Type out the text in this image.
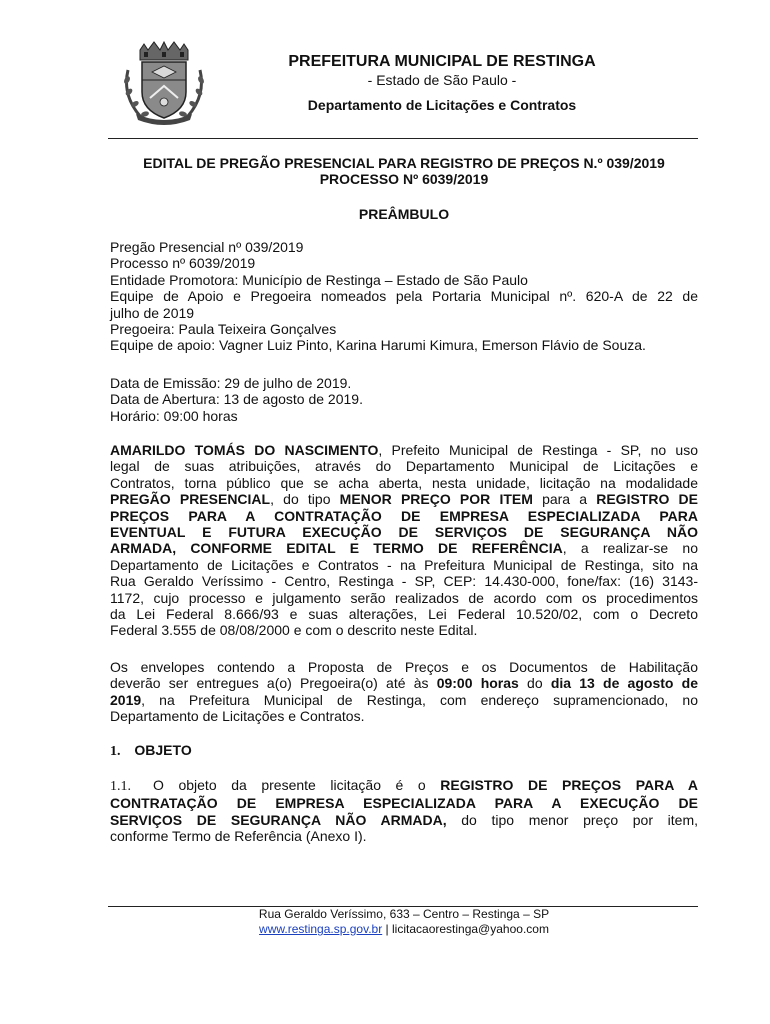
PREFEITURA MUNICIPAL DE RESTINGA
- Estado de São Paulo -
Departamento de Licitações e Contratos
EDITAL DE PREGÃO PRESENCIAL PARA REGISTRO DE PREÇOS N.º 039/2019
PROCESSO Nº 6039/2019
PREÂMBULO
Pregão Presencial nº 039/2019
Processo nº 6039/2019
Entidade Promotora: Município de Restinga – Estado de São Paulo
Equipe de Apoio e Pregoeira nomeados pela Portaria Municipal nº. 620-A de 22 de
julho de 2019
Pregoeira: Paula Teixeira Gonçalves
Equipe de apoio: Vagner Luiz Pinto, Karina Harumi Kimura, Emerson Flávio de Souza.
Data de Emissão: 29 de julho de 2019.
Data de Abertura: 13 de agosto de 2019.
Horário: 09:00 horas
AMARILDO TOMÁS DO NASCIMENTO, Prefeito Municipal de Restinga - SP, no uso
legal de suas atribuições, através do Departamento Municipal de Licitações e
Contratos, torna público que se acha aberta, nesta unidade, licitação na modalidade
PREGÃO PRESENCIAL, do tipo MENOR PREÇO POR ITEM para a REGISTRO DE
PREÇOS PARA A CONTRATAÇÃO DE EMPRESA ESPECIALIZADA PARA
EVENTUAL E FUTURA EXECUÇÃO DE SERVIÇOS DE SEGURANÇA NÃO
ARMADA, CONFORME EDITAL E TERMO DE REFERÊNCIA, a realizar-se no
Departamento de Licitações e Contratos - na Prefeitura Municipal de Restinga, sito na
Rua Geraldo Veríssimo - Centro, Restinga - SP, CEP: 14.430-000, fone/fax: (16) 3143-
1172, cujo processo e julgamento serão realizados de acordo com os procedimentos
da Lei Federal 8.666/93 e suas alterações, Lei Federal 10.520/02, com o Decreto
Federal 3.555 de 08/08/2000 e com o descrito neste Edital.
Os envelopes contendo a Proposta de Preços e os Documentos de Habilitação
deverão ser entregues a(o) Pregoeira(o) até às 09:00 horas do dia 13 de agosto de
2019, na Prefeitura Municipal de Restinga, com endereço supramencionado, no
Departamento de Licitações e Contratos.
1. OBJETO
1.1. O objeto da presente licitação é o REGISTRO DE PREÇOS PARA A
CONTRATAÇÃO DE EMPRESA ESPECIALIZADA PARA A EXECUÇÃO DE
SERVIÇOS DE SEGURANÇA NÃO ARMADA, do tipo menor preço por item,
conforme Termo de Referência (Anexo I).
Rua Geraldo Veríssimo, 633 – Centro – Restinga – SP
www.restinga.sp.gov.br | licitacaorestinga@yahoo.com
